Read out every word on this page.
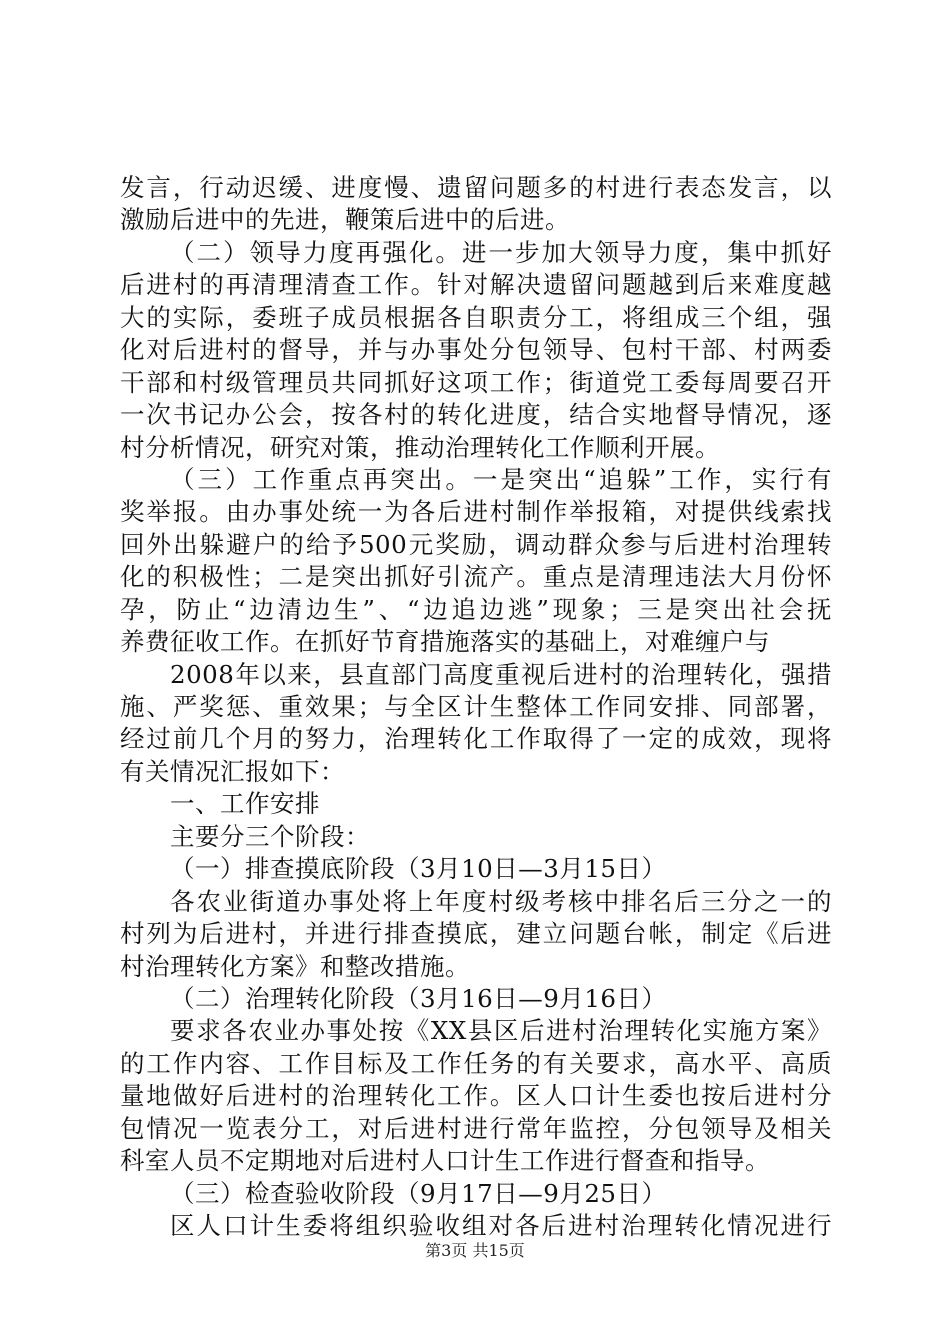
发言，行动迟缓、进度慢、遗留问题多的村进行表态发言，以
激励后进中的先进，鞭策后进中的后进。
（二）领导力度再强化。进一步加大领导力度，集中抓好
后进村的再清理清查工作。针对解决遗留问题越到后来难度越
大的实际，委班子成员根据各自职责分工，将组成三个组，强
化对后进村的督导，并与办事处分包领导、包村干部、村两委
干部和村级管理员共同抓好这项工作；街道党工委每周要召开
一次书记办公会，按各村的转化进度，结合实地督导情况，逐
村分析情况，研究对策，推动治理转化工作顺利开展。
（三）工作重点再突出。一是突出“追躲”工作，实行有
奖举报。由办事处统一为各后进村制作举报箱，对提供线索找
回外出躲避户的给予500元奖励，调动群众参与后进村治理转
化的积极性；二是突出抓好引流产。重点是清理违法大月份怀
孕，防止“边清边生”、“边追边逃”现象；三是突出社会抚
养费征收工作。在抓好节育措施落实的基础上，对难缠户与
2008年以来，县直部门高度重视后进村的治理转化，强措
施、严奖惩、重效果；与全区计生整体工作同安排、同部署，
经过前几个月的努力，治理转化工作取得了一定的成效，现将
有关情况汇报如下：
一、工作安排
主要分三个阶段：
（一）排查摸底阶段（3月10日—3月15日）
各农业街道办事处将上年度村级考核中排名后三分之一的
村列为后进村，并进行排查摸底，建立问题台帐，制定《后进
村治理转化方案》和整改措施。
（二）治理转化阶段（3月16日—9月16日）
要求各农业办事处按《XX县区后进村治理转化实施方案》
的工作内容、工作目标及工作任务的有关要求，高水平、高质
量地做好后进村的治理转化工作。区人口计生委也按后进村分
包情况一览表分工，对后进村进行常年监控，分包领导及相关
科室人员不定期地对后进村人口计生工作进行督查和指导。
（三）检查验收阶段（9月17日—9月25日）
区人口计生委将组织验收组对各后进村治理转化情况进行
第3页 共15页
